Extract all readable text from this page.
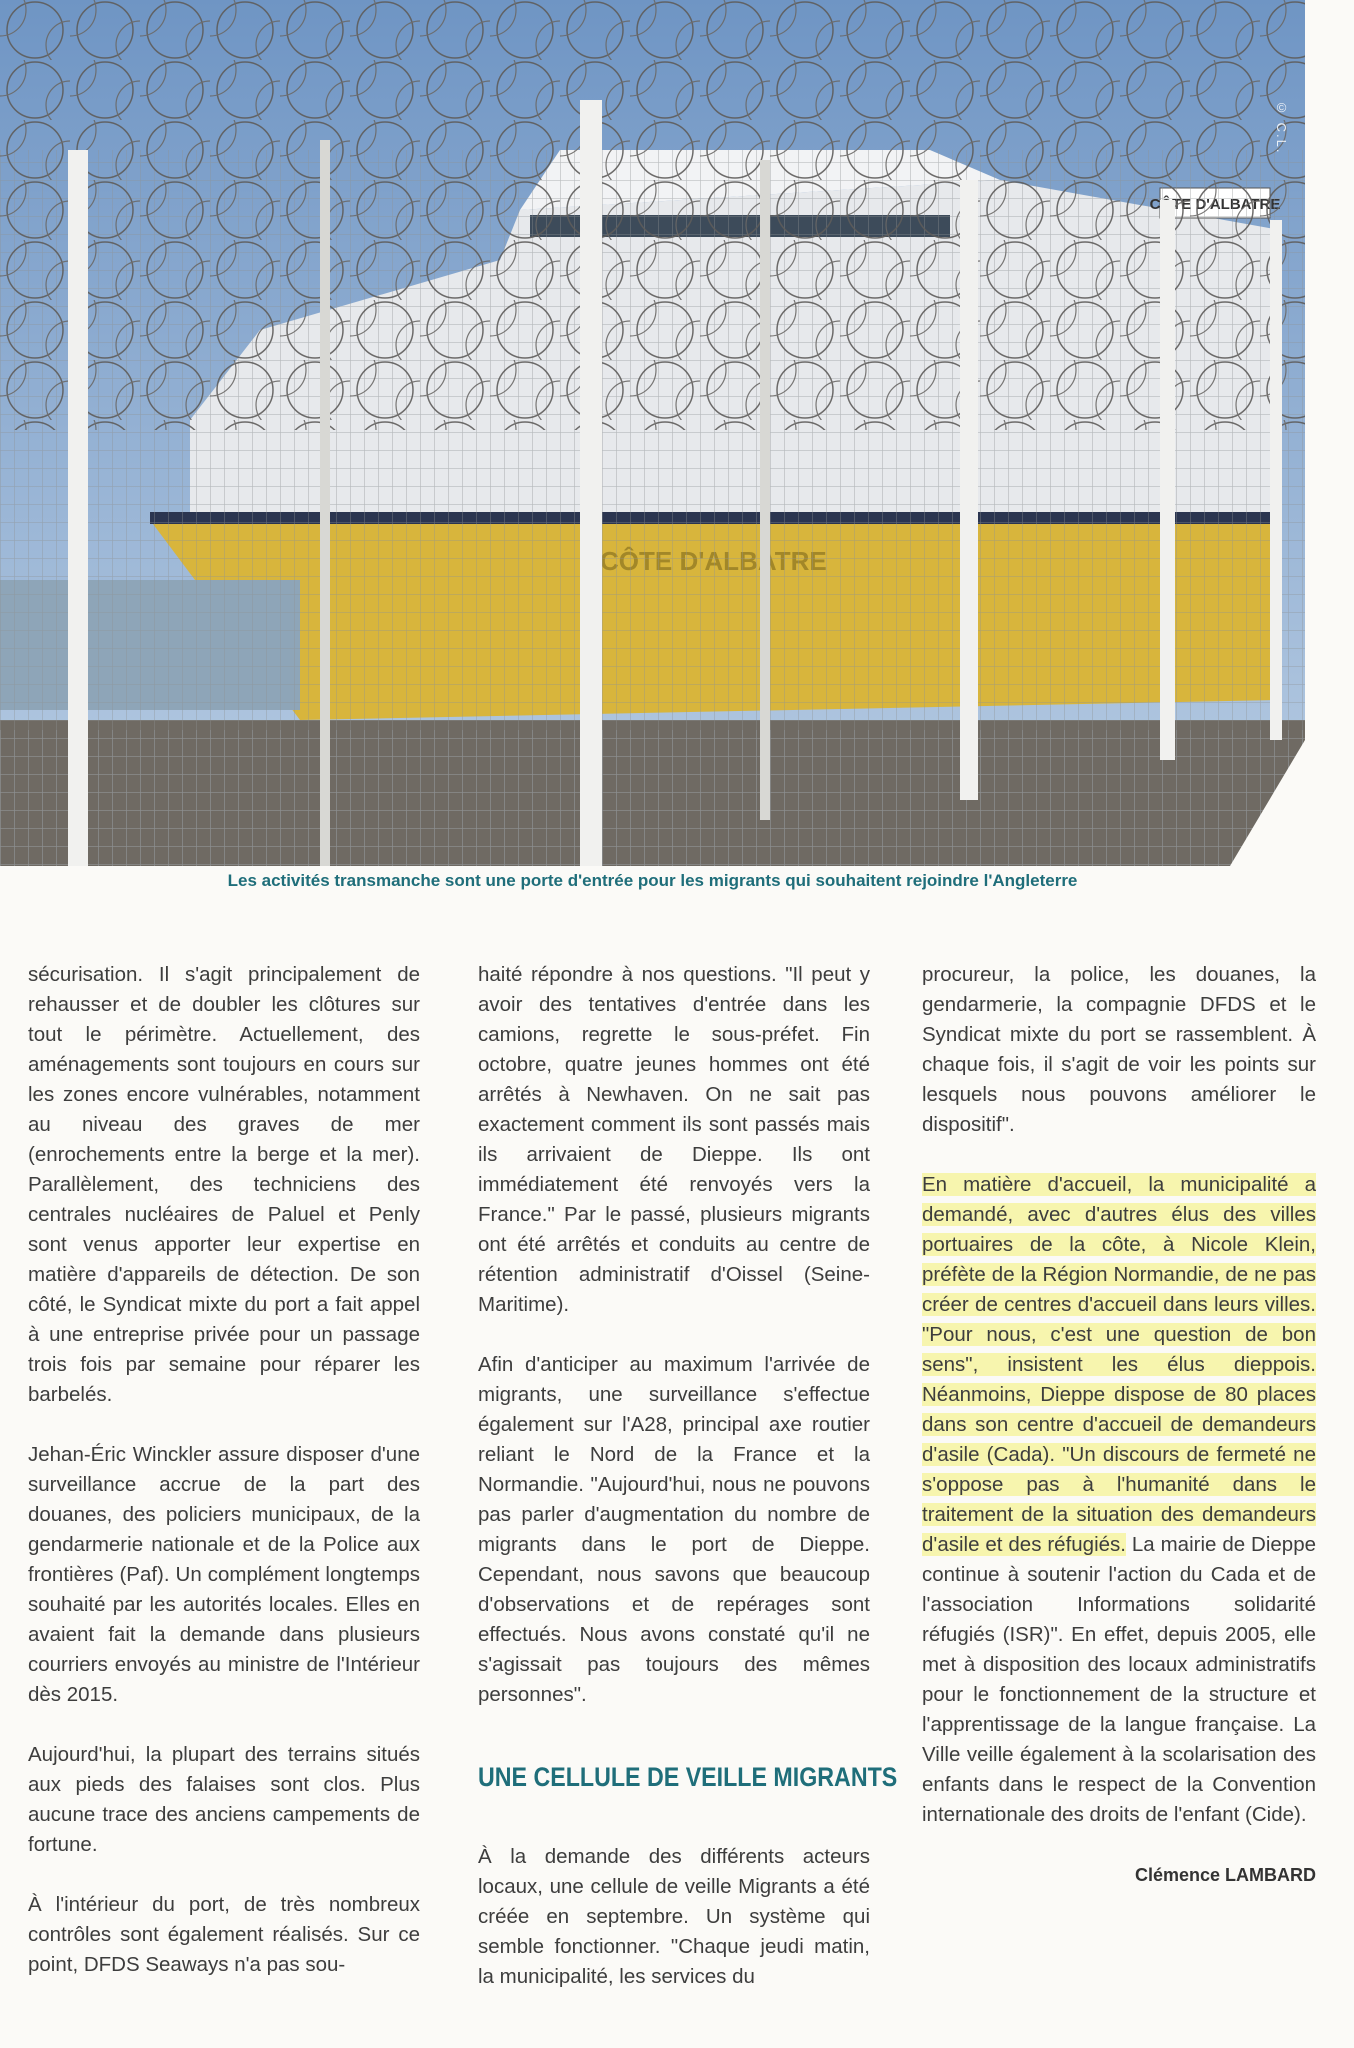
© C.L.
Les activités transmanche sont une porte d'entrée pour les migrants qui souhaitent rejoindre l'Angleterre

sécurisation. Il s'agit principalement de rehausser et de doubler les clôtures sur tout le périmètre. Actuellement, des aménagements sont toujours en cours sur les zones encore vulnérables, notamment au niveau des graves de mer (enrochements entre la berge et la mer). Parallèlement, des techniciens des centrales nucléaires de Paluel et Penly sont venus apporter leur expertise en matière d'appareils de détection. De son côté, le Syndicat mixte du port a fait appel à une entreprise privée pour un passage trois fois par semaine pour réparer les barbelés.

Jehan-Éric Winckler assure disposer d'une surveillance accrue de la part des douanes, des policiers municipaux, de la gendarmerie nationale et de la Police aux frontières (Paf). Un complément longtemps souhaité par les autorités locales. Elles en avaient fait la demande dans plusieurs courriers envoyés au ministre de l'Intérieur dès 2015.

Aujourd'hui, la plupart des terrains situés aux pieds des falaises sont clos. Plus aucune trace des anciens campements de fortune.

À l'intérieur du port, de très nombreux contrôles sont également réalisés. Sur ce point, DFDS Seaways n'a pas sou-

haité répondre à nos questions. "Il peut y avoir des tentatives d'entrée dans les camions, regrette le sous-préfet. Fin octobre, quatre jeunes hommes ont été arrêtés à Newhaven. On ne sait pas exactement comment ils sont passés mais ils arrivaient de Dieppe. Ils ont immédiatement été renvoyés vers la France." Par le passé, plusieurs migrants ont été arrêtés et conduits au centre de rétention administratif d'Oissel (Seine-Maritime).

Afin d'anticiper au maximum l'arrivée de migrants, une surveillance s'effectue également sur l'A28, principal axe routier reliant le Nord de la France et la Normandie. "Aujourd'hui, nous ne pouvons pas parler d'augmentation du nombre de migrants dans le port de Dieppe. Cependant, nous savons que beaucoup d'observations et de repérages sont effectués. Nous avons constaté qu'il ne s'agissait pas toujours des mêmes personnes".

UNE CELLULE DE VEILLE MIGRANTS

À la demande des différents acteurs locaux, une cellule de veille Migrants a été créée en septembre. Un système qui semble fonctionner. "Chaque jeudi matin, la municipalité, les services du

procureur, la police, les douanes, la gendarmerie, la compagnie DFDS et le Syndicat mixte du port se rassemblent. À chaque fois, il s'agit de voir les points sur lesquels nous pouvons améliorer le dispositif".

En matière d'accueil, la municipalité a demandé, avec d'autres élus des villes portuaires de la côte, à Nicole Klein, préfète de la Région Normandie, de ne pas créer de centres d'accueil dans leurs villes. "Pour nous, c'est une question de bon sens", insistent les élus dieppois. Néanmoins, Dieppe dispose de 80 places dans son centre d'accueil de demandeurs d'asile (Cada). "Un discours de fermeté ne s'oppose pas à l'humanité dans le traitement de la situation des demandeurs d'asile et des réfugiés. La mairie de Dieppe continue à soutenir l'action du Cada et de l'association Informations solidarité réfugiés (ISR)". En effet, depuis 2005, elle met à disposition des locaux administratifs pour le fonctionnement de la structure et l'apprentissage de la langue française. La Ville veille également à la scolarisation des enfants dans le respect de la Convention internationale des droits de l'enfant (Cide).

Clémence LAMBARD
